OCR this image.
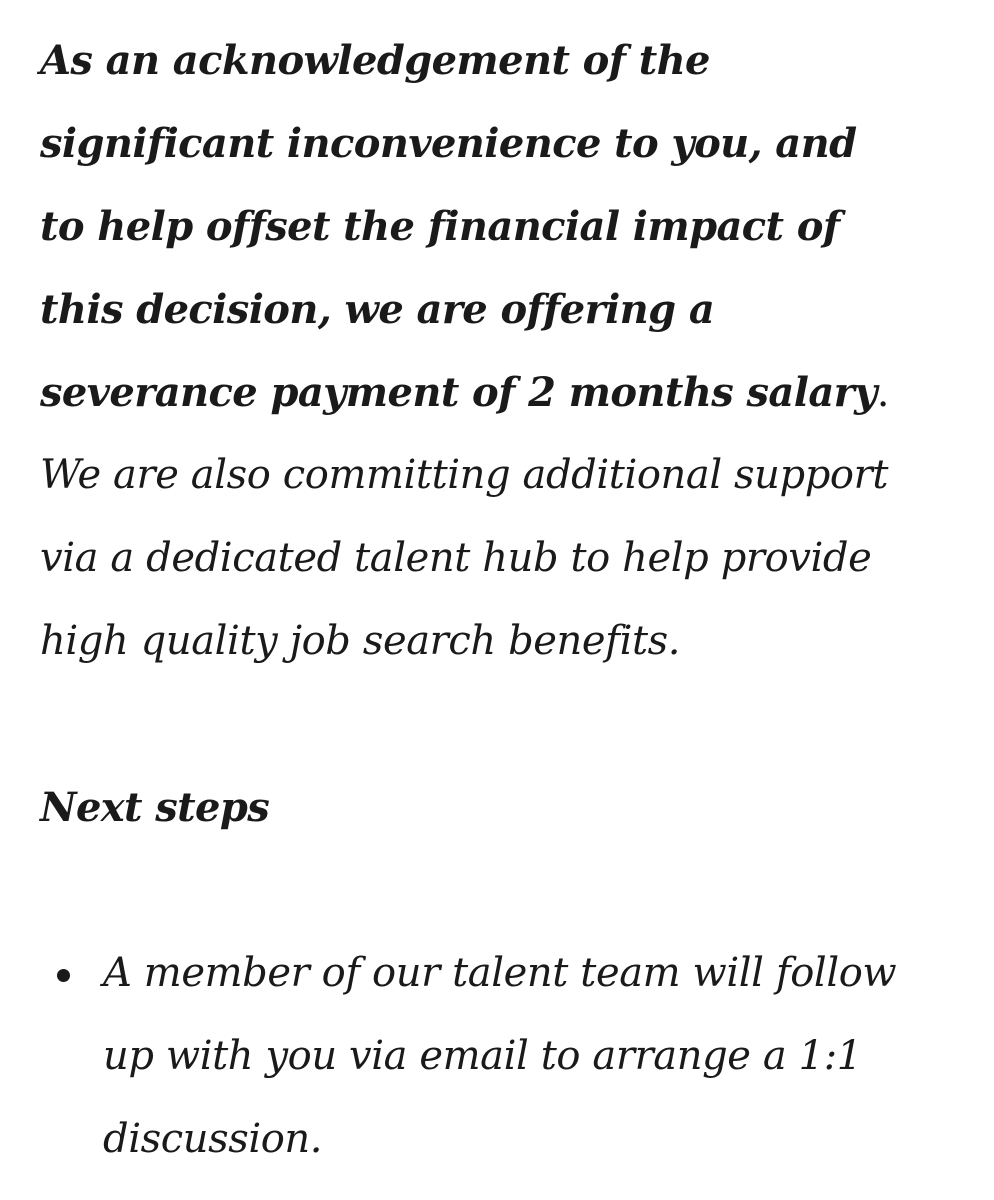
As an acknowledgement of the
significant inconvenience to you, and
to help offset the financial impact of
this decision, we are offering a
severance payment of 2 months salary.
We are also committing additional support
via a dedicated talent hub to help provide
high quality job search benefits.
Next steps
A member of our talent team will follow
up with you via email to arrange a 1:1
discussion.
